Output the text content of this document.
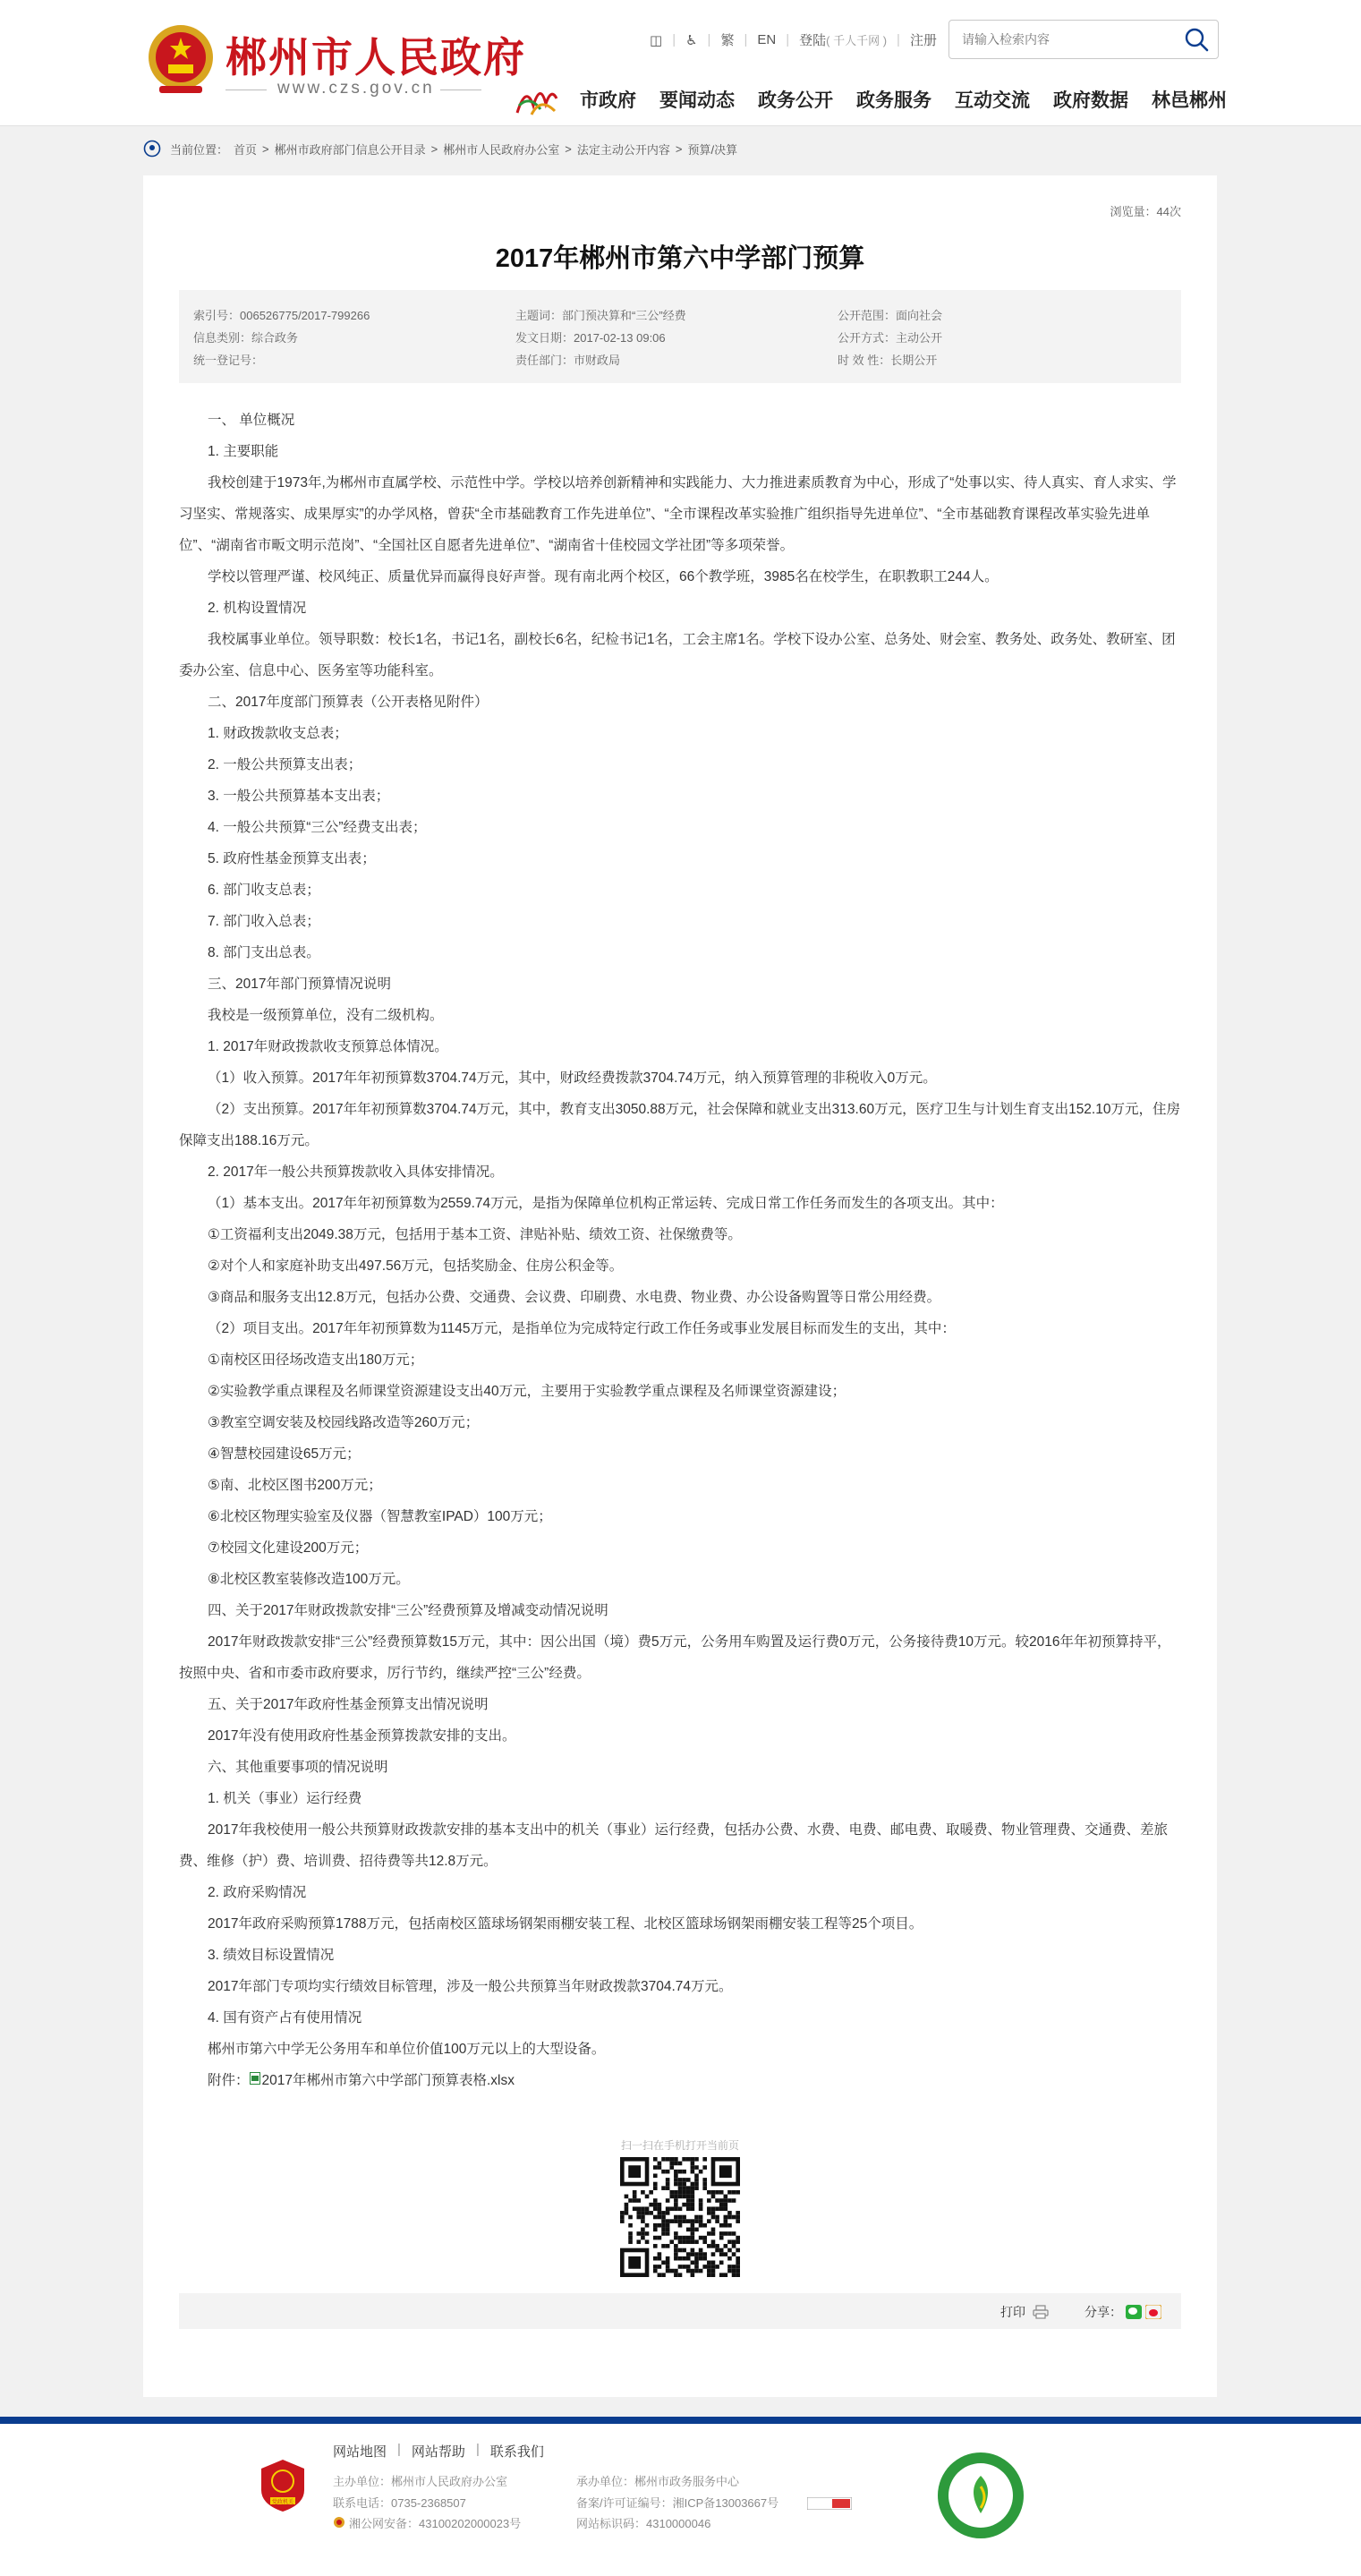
郴州市人民政府
www.czs.gov.cn
◫ | ♿ | 繁 | EN | 登陆 ( 千人千网 ) | 注册
请输入检索内容
市政府 要闻动态 政务公开 政务服务 互动交流 政府数据 林邑郴州
当前位置： 首页 > 郴州市政府部门信息公开目录 > 郴州市人民政府办公室 > 法定主动公开内容 > 预算/决算
浏览量：44次
2017年郴州市第六中学部门预算
索引号：006526775/2017-799266	主题词：部门预决算和“三公”经费	公开范围：面向社会
信息类别：综合政务	发文日期：2017-02-13 09:06	公开方式：主动公开
统一登记号：	责任部门：市财政局	时 效 性：长期公开

一、 单位概况

1. 主要职能

我校创建于1973年,为郴州市直属学校、示范性中学。学校以培养创新精神和实践能力、大力推进素质教育为中心，形成了“处事以实、待人真实、育人求实、学习坚实、常规落实、成果厚实”的办学风格，曾获“全市基础教育工作先进单位”、“全市课程改革实验推广组织指导先进单位”、“全市基础教育课程改革实验先进单位”、“湖南省市畈文明示范岗”、“全国社区自愿者先进单位”、“湖南省十佳校园文学社团”等多项荣誉。

学校以管理严谨、校风纯正、质量优异而赢得良好声誉。现有南北两个校区，66个教学班，3985名在校学生，在职教职工244人。

2. 机构设置情况

我校属事业单位。领导职数：校长1名，书记1名，副校长6名，纪检书记1名，工会主席1名。学校下设办公室、总务处、财会室、教务处、政务处、教研室、团委办公室、信息中心、医务室等功能科室。

二、2017年度部门预算表（公开表格见附件）

1. 财政拨款收支总表；

2. 一般公共预算支出表；

3. 一般公共预算基本支出表；

4. 一般公共预算“三公”经费支出表；

5. 政府性基金预算支出表；

6. 部门收支总表；

7. 部门收入总表；

8. 部门支出总表。

三、2017年部门预算情况说明

我校是一级预算单位，没有二级机构。

1. 2017年财政拨款收支预算总体情况。

（1）收入预算。2017年年初预算数3704.74万元，其中，财政经费拨款3704.74万元，纳入预算管理的非税收入0万元。

（2）支出预算。2017年年初预算数3704.74万元，其中，教育支出3050.88万元，社会保障和就业支出313.60万元，医疗卫生与计划生育支出152.10万元，住房保障支出188.16万元。

2. 2017年一般公共预算拨款收入具体安排情况。

（1）基本支出。2017年年初预算数为2559.74万元，是指为保障单位机构正常运转、完成日常工作任务而发生的各项支出。其中：

①工资福利支出2049.38万元，包括用于基本工资、津贴补贴、绩效工资、社保缴费等。

②对个人和家庭补助支出497.56万元，包括奖励金、住房公积金等。

③商品和服务支出12.8万元，包括办公费、交通费、会议费、印刷费、水电费、物业费、办公设备购置等日常公用经费。

（2）项目支出。2017年年初预算数为1145万元，是指单位为完成特定行政工作任务或事业发展目标而发生的支出，其中：

①南校区田径场改造支出180万元；

②实验教学重点课程及名师课堂资源建设支出40万元，主要用于实验教学重点课程及名师课堂资源建设；

③教室空调安装及校园线路改造等260万元；

④智慧校园建设65万元；

⑤南、北校区图书200万元；

⑥北校区物理实验室及仪器（智慧教室IPAD）100万元；

⑦校园文化建设200万元；

⑧北校区教室装修改造100万元。

四、关于2017年财政拨款安排“三公”经费预算及增减变动情况说明

2017年财政拨款安排“三公”经费预算数15万元，其中：因公出国（境）费5万元，公务用车购置及运行费0万元，公务接待费10万元。较2016年年初预算持平，按照中央、省和市委市政府要求，厉行节约，继续严控“三公”经费。

五、关于2017年政府性基金预算支出情况说明

2017年没有使用政府性基金预算拨款安排的支出。

六、其他重要事项的情况说明

1. 机关（事业）运行经费

2017年我校使用一般公共预算财政拨款安排的基本支出中的机关（事业）运行经费，包括办公费、水费、电费、邮电费、取暖费、物业管理费、交通费、差旅费、维修（护）费、培训费、招待费等共12.8万元。

2. 政府采购情况

2017年政府采购预算1788万元，包括南校区篮球场钢架雨棚安装工程、北校区篮球场钢架雨棚安装工程等25个项目。

3. 绩效目标设置情况

2017年部门专项均实行绩效目标管理，涉及一般公共预算当年财政拨款3704.74万元。

4. 国有资产占有使用情况

郴州市第六中学无公务用车和单位价值100万元以上的大型设备。

附件： 2017年郴州市第六中学部门预算表格.xlsx

扫一扫在手机打开当前页
打印	分享：
党政机关
网站地图 | 网站帮助 | 联系我们
主办单位：郴州市人民政府办公室	承办单位：郴州市政务服务中心
联系电话：0735-2368507	备案/许可证编号：湘ICP备13003667号
湘公网安备：43100202000023号	网站标识码：4310000046
